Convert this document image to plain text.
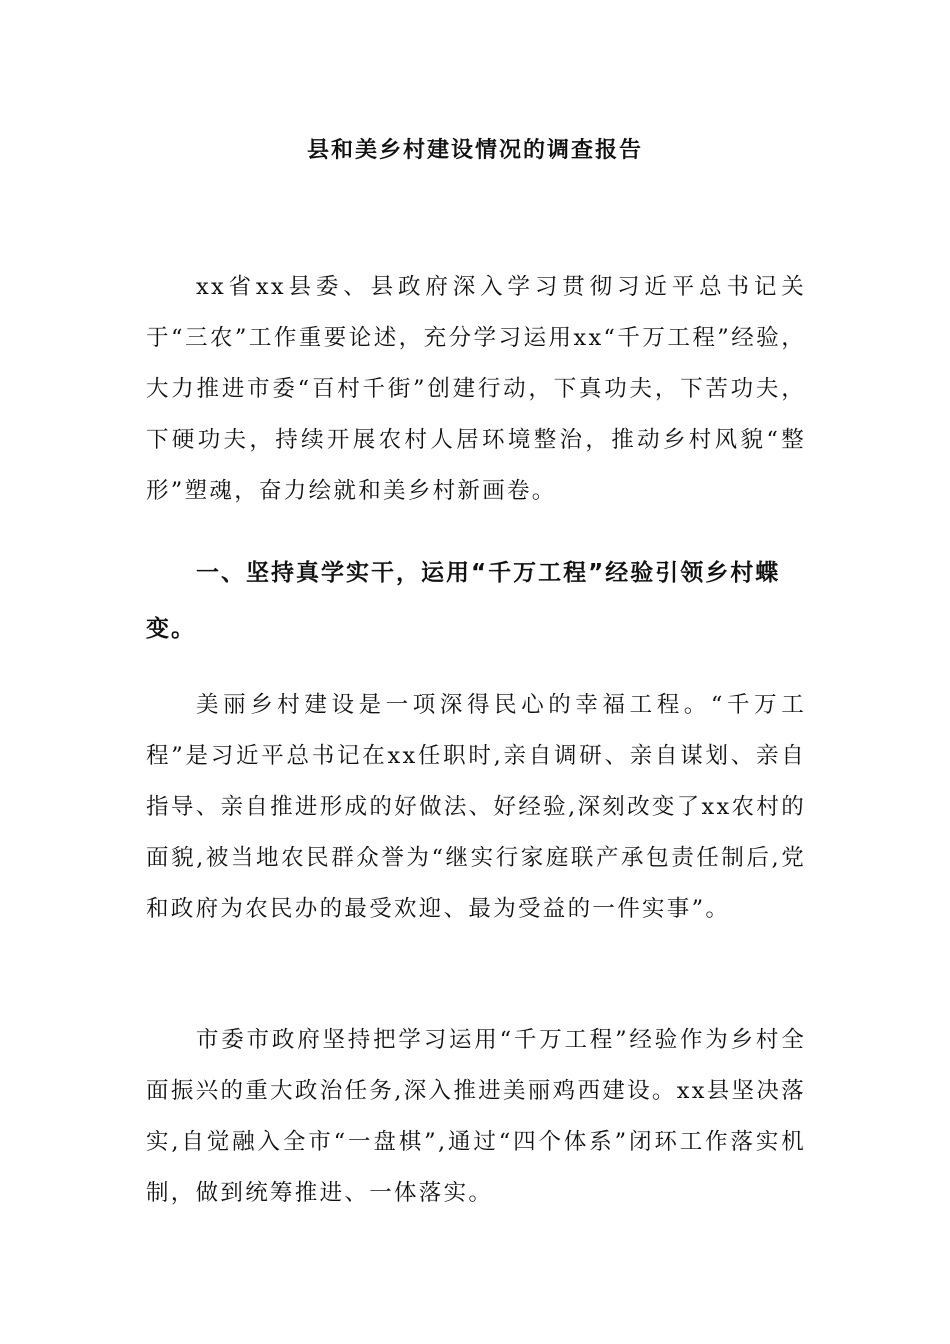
县和美乡村建设情况的调查报告

xx省xx县委、县政府深入学习贯彻习近平总书记关于“三农”工作重要论述，充分学习运用xx“千万工程”经验，大力推进市委“百村千街”创建行动，下真功夫，下苦功夫，下硬功夫，持续开展农村人居环境整治，推动乡村风貌“整形”塑魂，奋力绘就和美乡村新画卷。

一、坚持真学实干，运用“千万工程”经验引领乡村蝶变。

美丽乡村建设是一项深得民心的幸福工程。“千万工程”是习近平总书记在xx任职时,亲自调研、亲自谋划、亲自指导、亲自推进形成的好做法、好经验,深刻改变了xx农村的面貌,被当地农民群众誉为“继实行家庭联产承包责任制后,党和政府为农民办的最受欢迎、最为受益的一件实事”。

市委市政府坚持把学习运用“千万工程”经验作为乡村全面振兴的重大政治任务,深入推进美丽鸡西建设。xx县坚决落实,自觉融入全市“一盘棋”,通过“四个体系”闭环工作落实机制，做到统筹推进、一体落实。
